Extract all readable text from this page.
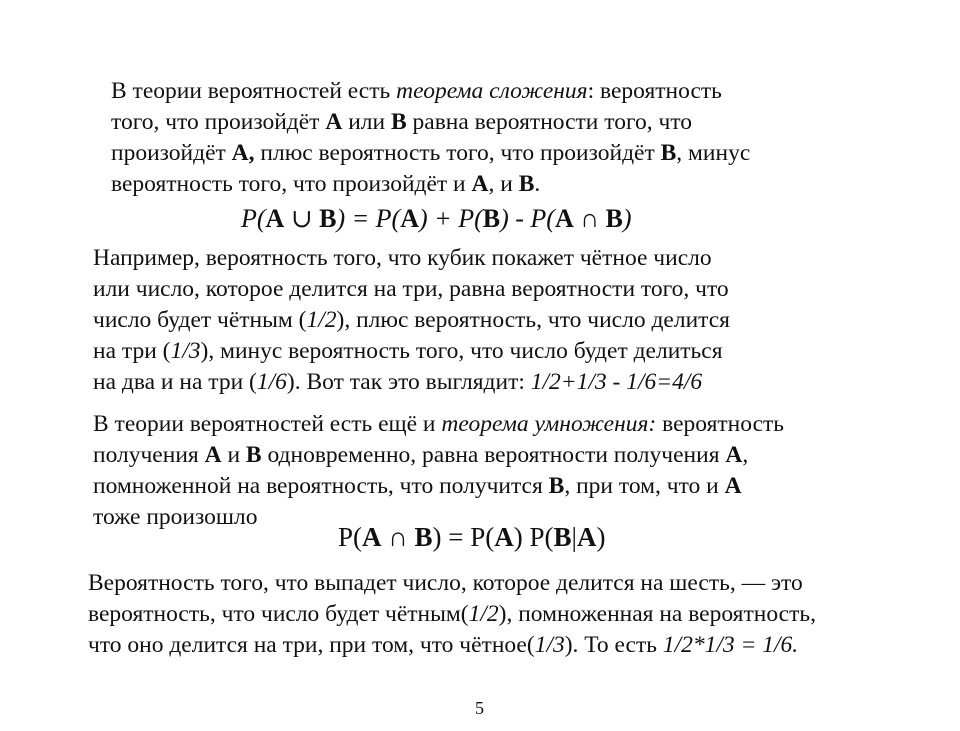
В теории вероятностей есть теорема сложения: вероятность
того, что произойдёт A или B равна вероятности того, что
произойдёт A, плюс вероятность того, что произойдёт B, минус
вероятность того, что произойдёт и A, и B.
P(A ∪ B) = P(A) + P(B) - P(A ∩ B)
Например, вероятность того, что кубик покажет чётное число
или число, которое делится на три, равна вероятности того, что
число будет чётным (1/2), плюс вероятность, что число делится
на три (1/3), минус вероятность того, что число будет делиться
на два и на три (1/6). Вот так это выглядит: 1/2+1/3 - 1/6=4/6
В теории вероятностей есть ещё и теорема умножения: вероятность
получения A и B одновременно, равна вероятности получения A,
помноженной на вероятность, что получится B, при том, что и A
тоже произошло
P(A ∩ B) = P(A) P(B|A)
Вероятность того, что выпадет число, которое делится на шесть, — это
вероятность, что число будет чётным(1/2), помноженная на вероятность,
что оно делится на три, при том, что чётное(1/3). То есть 1/2*1/3 = 1/6.
5
